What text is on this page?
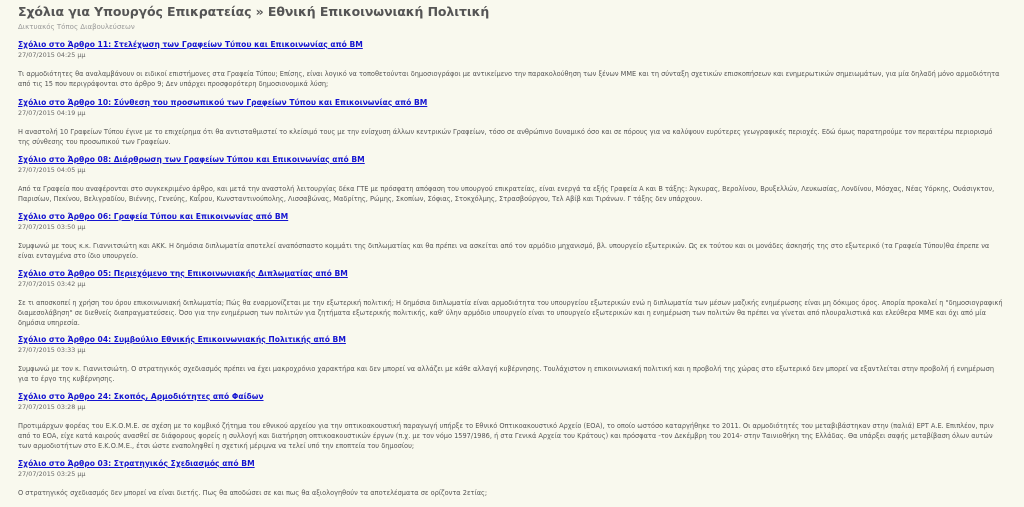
Σχόλια για Υπουργός Επικρατείας » Εθνική Επικοινωνιακή Πολιτική
Δικτυακός Τόπος Διαβουλεύσεων
Σχόλιο στο Άρθρο 11: Στελέχωση των Γραφείων Τύπου και Επικοινωνίας από ΒΜ
27/07/2015 04:25 μμ
Τι αρμοδιότητες θα αναλαμβάνουν οι ειδικοί επιστήμονες στα Γραφεία Τύπου; Επίσης, είναι λογικό να τοποθετούνται δημοσιογράφοι με αντικείμενο την παρακολούθηση των ξένων ΜΜΕ και τη σύνταξη σχετικών επισκοπήσεων και ενημερωτικών σημειωμάτων, για μία δηλαδή μόνο αρμοδιότητα από τις 15 που περιγράφονται στο άρθρο 9; Δεν υπάρχει προσφορότερη δημοσιονομικά λύση;
Σχόλιο στο Άρθρο 10: Σύνθεση του προσωπικού των Γραφείων Τύπου και Επικοινωνίας από ΒΜ
27/07/2015 04:19 μμ
Η αναστολή 10 Γραφείων Τύπου έγινε με το επιχείρημα ότι θα αντισταθμιστεί το κλείσιμό τους με την ενίσχυση άλλων κεντρικών Γραφείων, τόσο σε ανθρώπινο δυναμικό όσο και σε πόρους για να καλύψουν ευρύτερες γεωγραφικές περιοχές. Εδώ όμως παρατηρούμε τον περαιτέρω περιορισμό της σύνθεσης του προσωπικού των Γραφείων.
Σχόλιο στο Άρθρο 08: Διάρθρωση των Γραφείων Τύπου και Επικοινωνίας από ΒΜ
27/07/2015 04:05 μμ
Από τα Γραφεία που αναφέρονται στο συγκεκριμένο άρθρο, και μετά την αναστολή λειτουργίας δέκα ΓΤΕ με πρόσφατη απόφαση του υπουργού επικρατείας, είναι ενεργά τα εξής Γραφεία Α και Β τάξης: Άγκυρας, Βερολίνου, Βρυξελλών, Λευκωσίας, Λονδίνου, Μόσχας, Νέας Υόρκης, Ουάσιγκτον, Παρισίων, Πεκίνου, Βελιγραδίου, Βιέννης, Γενεύης, Καΐρου, Κωνσταντινούπολης, Λισσαβώνας, Μαδρίτης, Ρώμης, Σκοπίων, Σόφιας, Στοκχόλμης, Στρασβούργου, Τελ Αβίβ και Τιράνων. Γ τάξης δεν υπάρχουν.
Σχόλιο στο Άρθρο 06: Γραφεία Τύπου και Επικοινωνίας από ΒΜ
27/07/2015 03:50 μμ
Συμφωνώ με τους κ.κ. Γιαννιτσιώτη και ΑΚΚ. Η δημόσια διπλωματία αποτελεί αναπόσπαστο κομμάτι της διπλωματίας και θα πρέπει να ασκείται από τον αρμόδιο μηχανισμό, βλ. υπουργείο εξωτερικών. Ως εκ τούτου και οι μονάδες άσκησής της στο εξωτερικό (τα Γραφεία Τύπου)θα έπρεπε να είναι ενταγμένα στο ίδιο υπουργείο.
Σχόλιο στο Άρθρο 05: Περιεχόμενο της Επικοινωνιακής Διπλωματίας από ΒΜ
27/07/2015 03:42 μμ
Σε τι αποσκοπεί η χρήση του όρου επικοινωνιακή διπλωματία; Πώς θα εναρμονίζεται με την εξωτερική πολιτική; Η δημόσια διπλωματία είναι αρμοδιότητα του υπουργείου εξωτερικών ενώ η διπλωματία των μέσων μαζικής ενημέρωσης είναι μη δόκιμος όρος. Απορία προκαλεί η "δημοσιογραφική διαμεσολάβηση" σε διεθνείς διαπραγματεύσεις. Όσο για την ενημέρωση των πολιτών για ζητήματα εξωτερικής πολιτικής, καθ' ύλην αρμόδιο υπουργείο είναι το υπουργείο εξωτερικών και η ενημέρωση των πολιτών θα πρέπει να γίνεται από πλουραλιστικά και ελεύθερα ΜΜΕ και όχι από μία δημόσια υπηρεσία.
Σχόλιο στο Άρθρο 04: Συμβούλιο Εθνικής Επικοινωνιακής Πολιτικής από ΒΜ
27/07/2015 03:33 μμ
Συμφωνώ με τον κ. Γιαννιτσιώτη. Ο στρατηγικός σχεδιασμός πρέπει να έχει μακροχρόνιο χαρακτήρα και δεν μπορεί να αλλάζει με κάθε αλλαγή κυβέρνησης. Τουλάχιστον η επικοινωνιακή πολιτική και η προβολή της χώρας στο εξωτερικό δεν μπορεί να εξαντλείται στην προβολή ή ενημέρωση για το έργο της κυβέρνησης.
Σχόλιο στο Άρθρο 24: Σκοπός, Αρμοδιότητες από Φαίδων
27/07/2015 03:28 μμ
Προτιμάρχων φορέας του Ε.Κ.Ο.Μ.Ε. σε σχέση με το κομβικό ζήτημα του εθνικού αρχείου για την οπτικοακουστική παραγωγή υπήρξε το Εθνικό Οπτικοακουστικό Αρχείο (ΕΟΑ), το οποίο ωστόσο καταργήθηκε το 2011. Οι αρμοδιότητές του μεταβιβάστηκαν στην (παλιά) ΕΡΤ Α.Ε. Επιπλέον, πριν από το ΕΟΑ, είχε κατά καιρούς ανασθεί σε διάφορους φορείς η συλλογή και διατήρηση οπτικοακουστικών έργων (π.χ. με τον νόμο 1597/1986, ή στα Γενικά Αρχεία του Κράτους) και πρόσφατα -τον Δεκέμβρη του 2014- στην Ταινιοθήκη της Ελλάδας. Θα υπάρξει σαφής μεταβίβαση όλων αυτών των αρμοδιοτήτων στο Ε.Κ.Ο.Μ.Ε., έτσι ώστε εναποληφθεί η σχετική μέριμνα να τελεί υπό την εποπτεία του δημοσίου;
Σχόλιο στο Άρθρο 03: Στρατηγικός Σχεδιασμός από ΒΜ
27/07/2015 03:25 μμ
Ο στρατηγικός σχεδιασμός δεν μπορεί να είναι διετής. Πως θα αποδώσει σε και πως θα αξιολογηθούν τα αποτελέσματα σε ορίζοντα 2ετίας;
